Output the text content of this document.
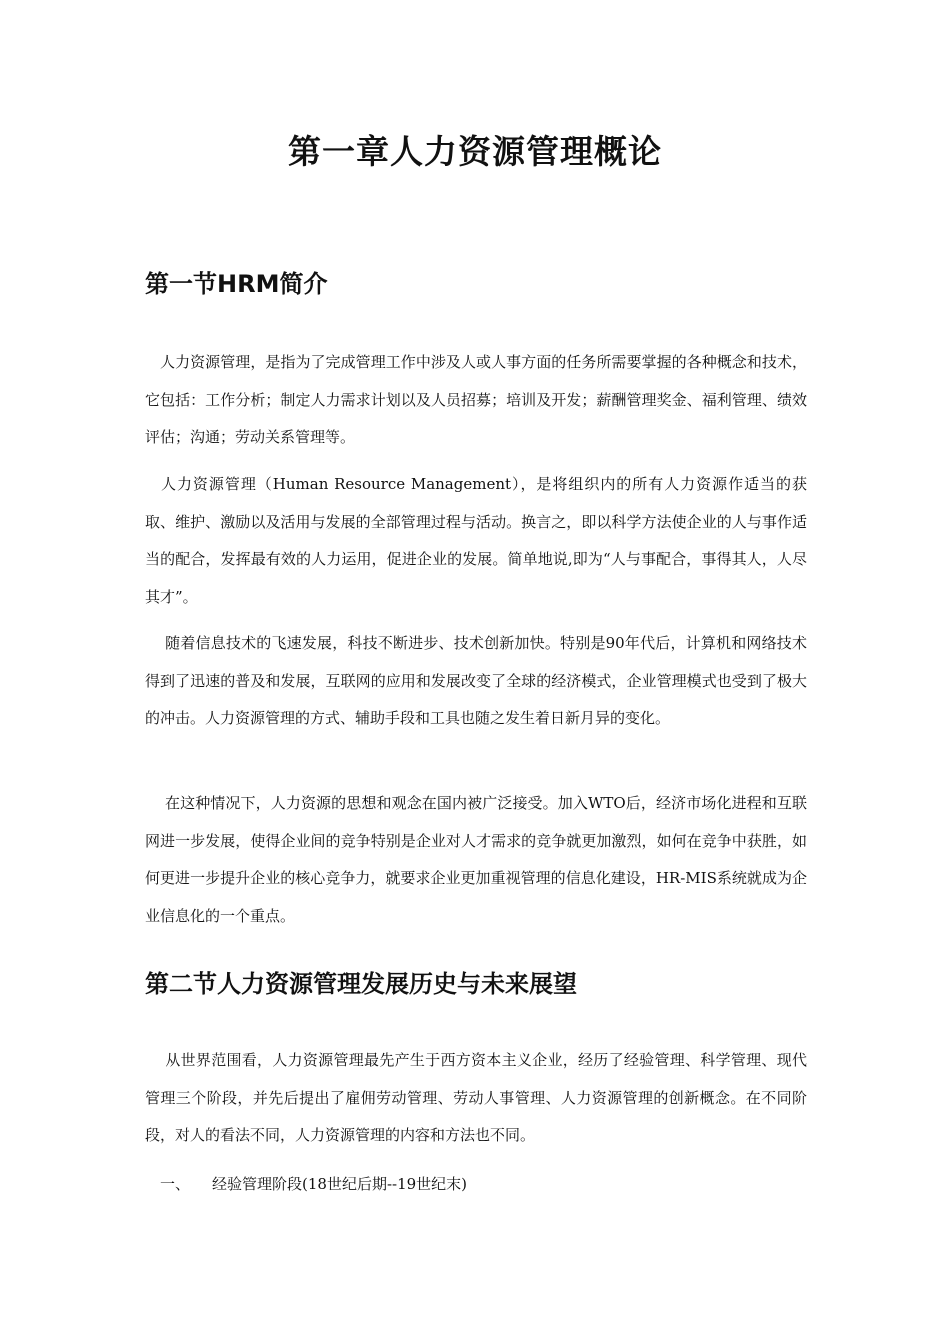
第一章人力资源管理概论
第一节HRM简介

　人力资源管理，是指为了完成管理工作中涉及人或人事方面的任务所需要掌握的各种概念和技术，它包括：工作分析；制定人力需求计划以及人员招募；培训及开发；薪酬管理奖金、福利管理、绩效评估；沟通；劳动关系管理等。

　人力资源管理（Human Resource Management），是将组织内的所有人力资源作适当的获取、维护、激励以及活用与发展的全部管理过程与活动。换言之，即以科学方法使企业的人与事作适当的配合，发挥最有效的人力运用，促进企业的发展。简单地说,即为“人与事配合，事得其人，人尽其才”。

　 随着信息技术的飞速发展，科技不断进步、技术创新加快。特别是90年代后，计算机和网络技术得到了迅速的普及和发展，互联网的应用和发展改变了全球的经济模式，企业管理模式也受到了极大的冲击。人力资源管理的方式、辅助手段和工具也随之发生着日新月异的变化。

　 在这种情况下，人力资源的思想和观念在国内被广泛接受。加入WTO后，经济市场化进程和互联网进一步发展，使得企业间的竞争特别是企业对人才需求的竞争就更加激烈，如何在竞争中获胜，如何更进一步提升企业的核心竞争力，就要求企业更加重视管理的信息化建设，HR-MIS系统就成为企业信息化的一个重点。

第二节人力资源管理发展历史与未来展望

　 从世界范围看，人力资源管理最先产生于西方资本主义企业，经历了经验管理、科学管理、现代管理三个阶段，并先后提出了雇佣劳动管理、劳动人事管理、人力资源管理的创新概念。在不同阶段，对人的看法不同，人力资源管理的内容和方法也不同。

一、 经验管理阶段(18世纪后期--19世纪末)
